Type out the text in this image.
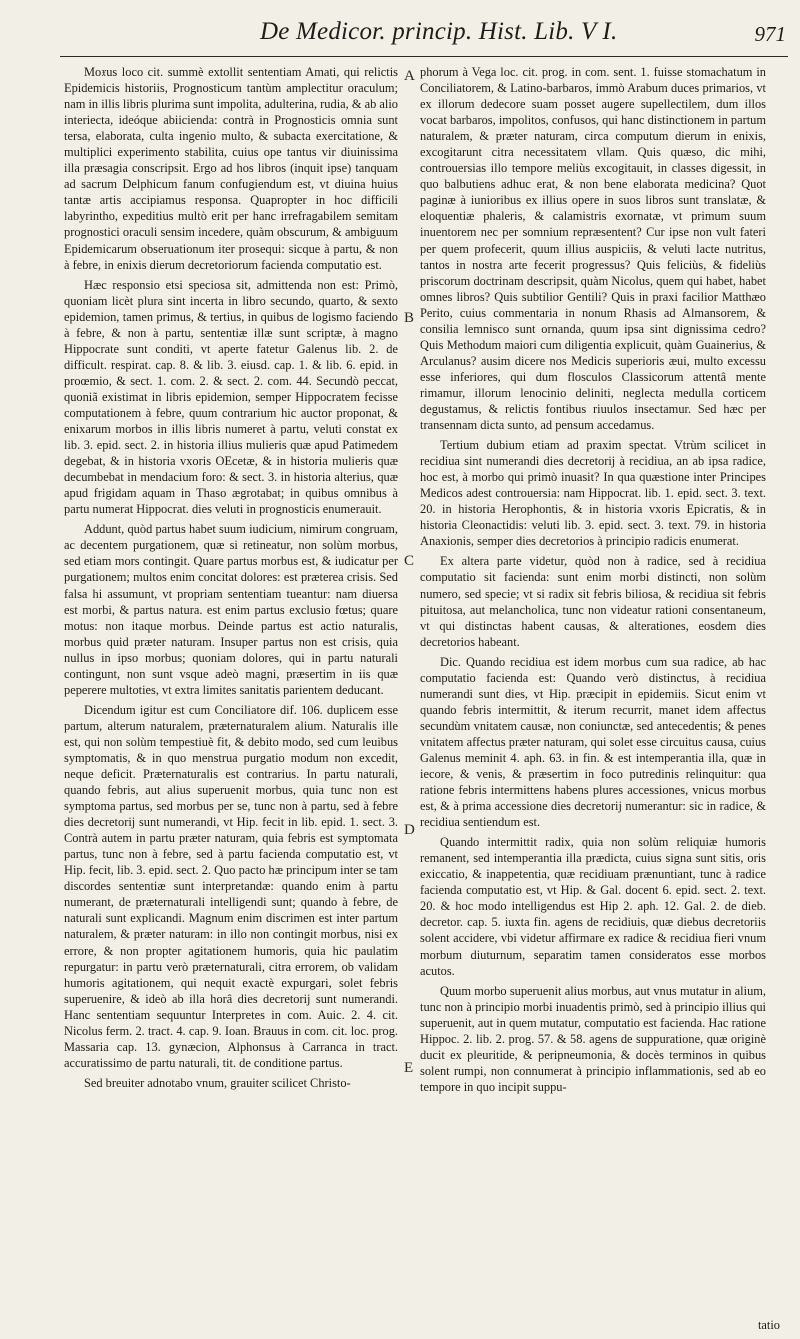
De Medicor. princip. Hist. Lib. V I.	971

Mo𝔵us loco cit. summè extollit sententiam Amati, qui relictis Epidemicis historiis, Prognosticum tantùm amplectitur oraculum; nam in illis libris plurima sunt impolita, adulterina, rudia, & ab alio interiecta, ideóque abiicienda: contrà in Prognosticis omnia sunt tersa, elaborata, culta ingenio multo, & subacta exercitatione, & multiplici experimento stabilita, cuius ope tantus vir diuinissima illa præsagia conscripsit. Ergo ad hos libros (inquit ipse) tanquam ad sacrum Delphicum fanum confugiendum est, vt diuina huius tantæ artis accipiamus responsa. Quapropter in hoc difficili labyrintho, expeditius multò erit per hanc irrefragabilem semitam prognostici oraculi sensim incedere, quàm obscurum, & ambiguum Epidemicarum obseruationum iter prosequi: sicque à partu, & non à febre, in enixis dierum decretoriorum facienda computatio est.

Hæc responsio etsi speciosa sit, admittenda non est: Primò, quoniam licèt plura sint incerta in libro secundo, quarto, & sexto epidemion, tamen primus, & tertius, in quibus de logismo faciendo à febre, & non à partu, sententiæ illæ sunt scriptæ, à magno Hippocrate sunt conditi, vt aperte fatetur Galenus lib. 2. de difficult. respirat. cap. 8. & lib. 3. eiusd. cap. 1. & lib. 6. epid. in proœmio, & sect. 1. com. 2. & sect. 2. com. 44. Secundò peccat, quoniã existimat in libris epidemion, semper Hippocratem fecisse computationem à febre, quum contrarium hic auctor proponat, & enixarum morbos in illis libris numeret à partu, veluti constat ex lib. 3. epid. sect. 2. in historia illius mulieris quæ apud Patimedem degebat, & in historia vxoris OEcetæ, & in historia mulieris quæ decumbebat in mendacium foro: & sect. 3. in historia alterius, quæ apud frigidam aquam in Thaso ægrotabat; in quibus omnibus à partu numerat Hippocrat. dies veluti in prognosticis enumerauit.

Addunt, quòd partus habet suum iudicium, nimirum congruam, ac decentem purgationem, quæ si retineatur, non solùm morbus, sed etiam mors contingit. Quare partus morbus est, & iudicatur per purgationem; multos enim concitat dolores: est præterea crisis. Sed falsa hi assumunt, vt propriam sententiam tueantur: nam diuersa est morbi, & partus natura. est enim partus exclusio fœtus; quare motus: non itaque morbus. Deinde partus est actio naturalis, morbus quid præter naturam. Insuper partus non est crisis, quia nullus in ipso morbus; quoniam dolores, qui in partu naturali contingunt, non sunt vsque adeò magni, præsertim in iis quæ peperere multoties, vt extra limites sanitatis parientem deducant.

Dicendum igitur est cum Conciliatore dif. 106. duplicem esse partum, alterum naturalem, præternaturalem alium. Naturalis ille est, qui non solùm tempestiuè fit, & debito modo, sed cum leuibus symptomatis, & in quo menstrua purgatio modum non excedit, neque deficit. Præternaturalis est contrarius. In partu naturali, quando febris, aut alius superuenit morbus, quia tunc non est symptoma partus, sed morbus per se, tunc non à partu, sed à febre dies decretorij sunt numerandi, vt Hip. fecit in lib. epid. 1. sect. 3. Contrà autem in partu præter naturam, quia febris est symptomata partus, tunc non à febre, sed à partu facienda computatio est, vt Hip. fecit, lib. 3. epid. sect. 2. Quo pacto hæ principum inter se tam discordes sententiæ sunt interpretandæ: quando enim à partu numerant, de præternaturali intelligendi sunt; quando à febre, de naturali sunt explicandi. Magnum enim discrimen est inter partum naturalem, & præter naturam: in illo non contingit morbus, nisi ex errore, & non propter agitationem humoris, quia hic paulatim repurgatur: in partu verò præternaturali, citra errorem, ob validam humoris agitationem, qui nequit exactè expurgari, solet febris superuenire, & ideò ab illa horâ dies decretorij sunt numerandi. Hanc sententiam sequuntur Interpretes in com. Auic. 2. 4. cit. Nicolus ferm. 2. tract. 4. cap. 9. Ioan. Brauus in com. cit. loc. prog. Massaria cap. 13. gynæcion, Alphonsus à Carranca in tract. accuratissimo de partu naturali, tit. de conditione partus.

Sed breuiter adnotabo vnum, grauiter scilicet Christo-

A
B
C
D
E

phorum à Vega loc. cit. prog. in com. sent. 1. fuisse stomachatum in Conciliatorem, & Latino-barbaros, immò Arabum duces primarios, vt ex illorum dedecore suam posset augere supellectilem, dum illos vocat barbaros, impolitos, confusos, qui hanc distinctionem in partum naturalem, & præter naturam, circa computum dierum in enixis, excogitarunt citra necessitatem vllam. Quis quæso, dic mihi, controuersias illo tempore meliùs excogitauit, in classes digessit, in quo balbutiens adhuc erat, & non bene elaborata medicina? Quot paginæ à iunioribus ex illius opere in suos libros sunt translatæ, & eloquentiæ phaleris, & calamistris exornatæ, vt primum suum inuentorem nec per somnium repræsentent? Cur ipse non vult fateri per quem profecerit, quum illius auspiciis, & veluti lacte nutritus, tantos in nostra arte fecerit progressus? Quis feliciùs, & fideliùs priscorum doctrinam descripsit, quàm Nicolus, quem qui habet, habet omnes libros? Quis subtilior Gentili? Quis in praxi facilior Matthæo Perito, cuius commentaria in nonum Rhasis ad Almansorem, & consilia lemnisco sunt ornanda, quum ipsa sint dignissima cedro? Quis Methodum maiori cum diligentia explicuit, quàm Guainerius, & Arculanus? ausim dicere nos Medicis superioris æui, multo excessu esse inferiores, qui dum flosculos Classicorum attentâ mente rimamur, illorum lenocinio deliniti, neglecta medulla corticem degustamus, & relictis fontibus riuulos insectamur. Sed hæc per transennam dicta sunto, ad pensum accedamus.

Tertium dubium etiam ad praxim spectat. Vtrùm scilicet in recidiua sint numerandi dies decretorij à recidiua, an ab ipsa radice, hoc est, à morbo qui primò inuasit? In qua quæstione inter Principes Medicos adest controuersia: nam Hippocrat. lib. 1. epid. sect. 3. text. 20. in historia Herophontis, & in historia vxoris Epicratis, & in historia Cleonactidis: veluti lib. 3. epid. sect. 3. text. 79. in historia Anaxionis, semper dies decretorios à principio radicis enumerat.

Ex altera parte videtur, quòd non à radice, sed à recidiua computatio sit facienda: sunt enim morbi distincti, non solùm numero, sed specie; vt si radix sit febris biliosa, & recidiua sit febris pituitosa, aut melancholica, tunc non videatur rationi consentaneum, vt qui distinctas habent causas, & alterationes, eosdem dies decretorios habeant.

Dic. Quando recidiua est idem morbus cum sua radice, ab hac computatio facienda est: Quando verò distinctus, à recidiua numerandi sunt dies, vt Hip. præcipit in epidemiis. Sicut enim vt quando febris intermittit, & iterum recurrit, manet idem affectus secundùm vnitatem causæ, non coniunctæ, sed antecedentis; & penes vnitatem affectus præter naturam, qui solet esse circuitus causa, cuius Galenus meminit 4. aph. 63. in fin. & est intemperantia illa, quæ in iecore, & venis, & præsertim in foco putredinis relinquitur: qua ratione febris intermittens habens plures accessiones, vnicus morbus est, & à prima accessione dies decretorij numerantur: sic in radice, & recidiua sentiendum est.

Quando intermittit radix, quia non solùm reliquiæ humoris remanent, sed intemperantia illa prædicta, cuius signa sunt sitis, oris exiccatio, & inappetentia, quæ recidiuam prænuntiant, tunc à radice facienda computatio est, vt Hip. & Gal. docent 6. epid. sect. 2. text. 20. & hoc modo intelligendus est Hip 2. aph. 12. Gal. 2. de dieb. decretor. cap. 5. iuxta fin. agens de recidiuis, quæ diebus decretoriis solent accidere, vbi videtur affirmare ex radice & recidiua fieri vnum morbum diuturnum, separatim tamen consideratos esse morbos acutos.

Quum morbo superuenit alius morbus, aut vnus mutatur in alium, tunc non à principio morbi inuadentis primò, sed à principio illius qui superuenit, aut in quem mutatur, computatio est facienda. Hac ratione Hippoc. 2. lib. 2. prog. 57. & 58. agens de suppuratione, quæ originè ducit ex pleuritide, & peripneumonia, & docès terminos in quibus solent rumpi, non connumerat à principio inflammationis, sed ab eo tempore in quo incipit suppu-

tatio
